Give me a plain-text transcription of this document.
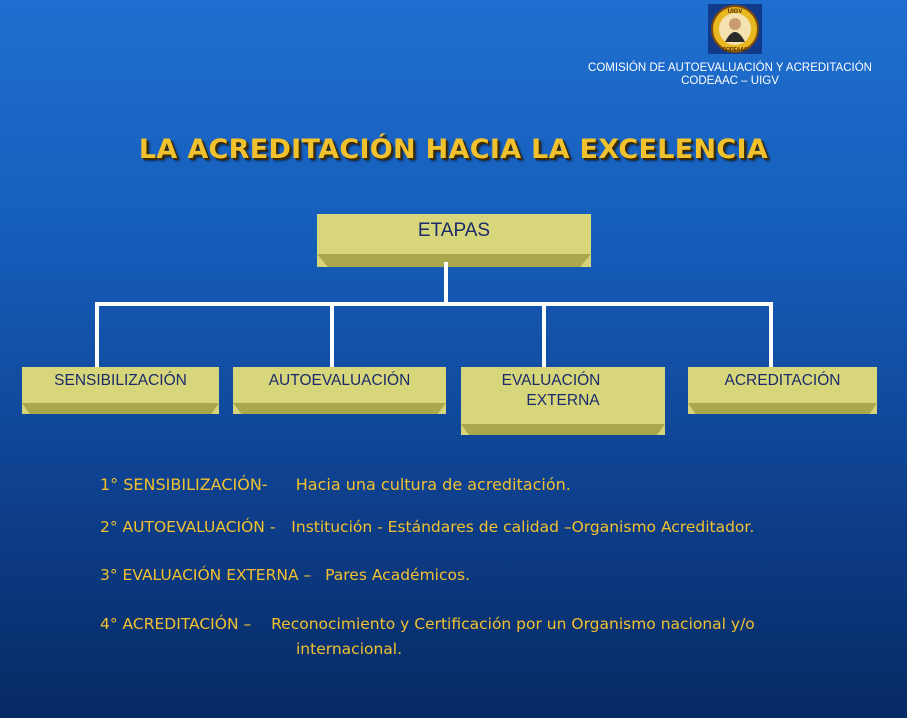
UIGV
CODEAAC
COMISIÓN DE AUTOEVALUACIÓN Y ACREDITACIÓN
CODEAAC – UIGV
LA ACREDITACIÓN HACIA LA EXCELENCIA
ETAPAS
SENSIBILIZACIÓN	AUTOEVALUACIÓN	EVALUACIÓN
EXTERNA
ACREDITACIÓN
1° SENSIBILIZACIÓN- Hacia una cultura de acreditación.
2° AUTOEVALUACIÓN - Institución - Estándares de calidad –Organismo Acreditador.
3° EVALUACIÓN EXTERNA – Pares Académicos.
4° ACREDITACIÓN – Reconocimiento y Certificación por un Organismo nacional y/o
internacional.
